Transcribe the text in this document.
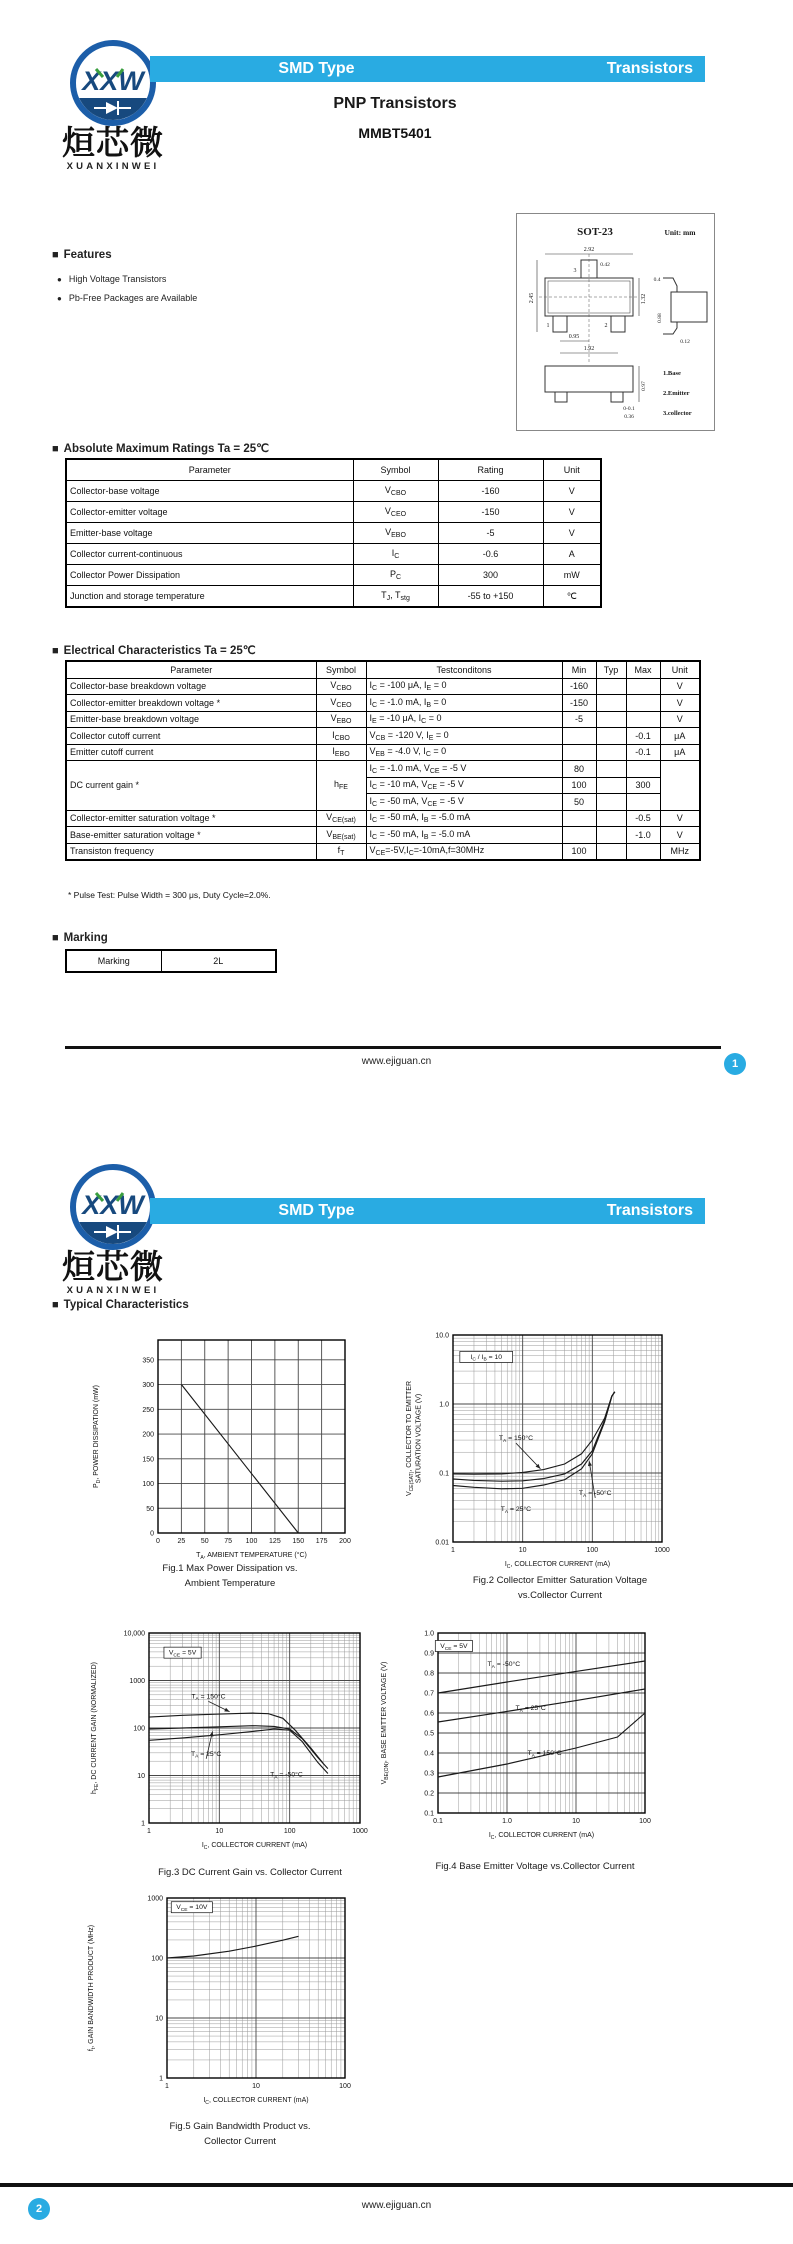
XXW
烜芯微
XUANXINWEI
SMD Type	Transistors
PNP Transistors
MMBT5401
■ Features
● High Voltage Transistors
● Pb-Free Packages are Available
SOT-23	Unit: mm
2.92
0.42
2.45	1.32
0.95
1.92
3
1	2
0.4
0.88
0.12
0.97
0-0.1
0.36
1.Base
2.Emitter
3.collector
■ Absolute Maximum Ratings Ta = 25℃
Parameter	Symbol	Rating	Unit
Collector-base voltage	$V_{CBO}$	-160	V
Collector-emitter voltage	$V_{CEO}$	-150	V
Emitter-base voltage	$V_{EBO}$	-5	V
Collector current-continuous	$I_C$	-0.6	A
Collector Power Dissipation	$P_C$	300	mW
Junction and storage temperature	$T_J$, $T_{stg}$	-55 to +150	℃
■ Electrical Characteristics Ta = 25℃
Parameter	Symbol	Testconditons	Min	Typ	Max	Unit
Collector-base breakdown voltage	$V_{CBO}$	$I_C = -100$ μA, $I_E = 0$	-160			V
Collector-emitter breakdown voltage *	$V_{CEO}$	$I_C = -1.0$ mA, $I_B = 0$	-150			V
Emitter-base breakdown voltage	$V_{EBO}$	$I_E = -10$ μA, $I_C = 0$	-5			V
Collector cutoff current	$I_{CBO}$	$V_{CB} = -120$ V, $I_E = 0$			-0.1	μA
Emitter cutoff current	$I_{EBO}$	$V_{EB} = -4.0$ V, $I_C = 0$			-0.1	μA
DC current gain *	$h_{FE}$	$I_C = -1.0$ mA, $V_{CE} = -5$ V	80			
		$I_C = -10$ mA, $V_{CE} = -5$ V	100		300	
		$I_C = -50$ mA, $V_{CE} = -5$ V	50			
Collector-emitter saturation voltage *	$V_{CE(sat)}$	$I_C = -50$ mA, $I_B = -5.0$ mA			-0.5	V
Base-emitter saturation voltage *	$V_{BE(sat)}$	$I_C = -50$ mA, $I_B = -5.0$ mA			-1.0	V
Transiston frequency	$f_T$	$V_{CE}=-5V,I_C=-10mA,f=30MHz$	100			MHz
* Pulse Test: Pulse Width = 300 μs, Duty Cycle=2.0%.
■ Marking
Marking	2L
www.ejiguan.cn	1
XXW
烜芯微
XUANXINWEI
SMD Type	Transistors
■ Typical Characteristics
0	25 50 75 100 125 150 175 200
0
50
100
150
200
250
300
350
$T_A$, AMBIENT TEMPERATURE (°C)
$P_D$, POWER DISSIPATION (mW)
1	10	100	1000
0.01
0.1
1.0
10.0
$I_C$, COLLECTOR CURRENT (mA)
$V_{CE(SAT)}$, COLLECTOR TO EMITTER SATURATION VOLTAGE (V)
$I_C / I_B = 10$
$T_A = 150^\circ C$
$T_A = -50^\circ C$
$T_A = 25^\circ C$
Fig.1 Max Power Dissipation vs.
Ambient Temperature	Fig.2 Collector Emitter Saturation Voltage
vs.Collector Current
1	10	100	1000
1
10
100
1000
10,000
$I_C$, COLLECTOR CURRENT (mA)
$h_{FE}$, DC CURRENT GAIN (NORMALIZED)
$V_{CE} = 5V$
$T_A = 150^\circ C$
$T_A = 25^\circ C$
$T_A = -50^\circ C$
0.1	1.0	10	100
0.1
0.2
0.3
0.4
0.5
0.6
0.7
0.8
0.9
1.0
$I_C$, COLLECTOR CURRENT (mA)
$V_{BE(ON)}$, BASE EMITTER VOLTAGE (V)
$V_{CE} = 5V$
$T_A = -50^\circ C$
$T_A = 25^\circ C$
$T_A = 150^\circ C$
Fig.3 DC Current Gain vs. Collector Current
Fig.4 Base Emitter Voltage vs.Collector Current
1	10	100
1
10
100
1000
$I_C$, COLLECTOR CURRENT (mA)
$f_t$, GAIN BANDWIDTH PRODUCT (MHz)
$V_{CE} = 10V$
Fig.5 Gain Bandwidth Product vs.
Collector Current
www.ejiguan.cn
2
